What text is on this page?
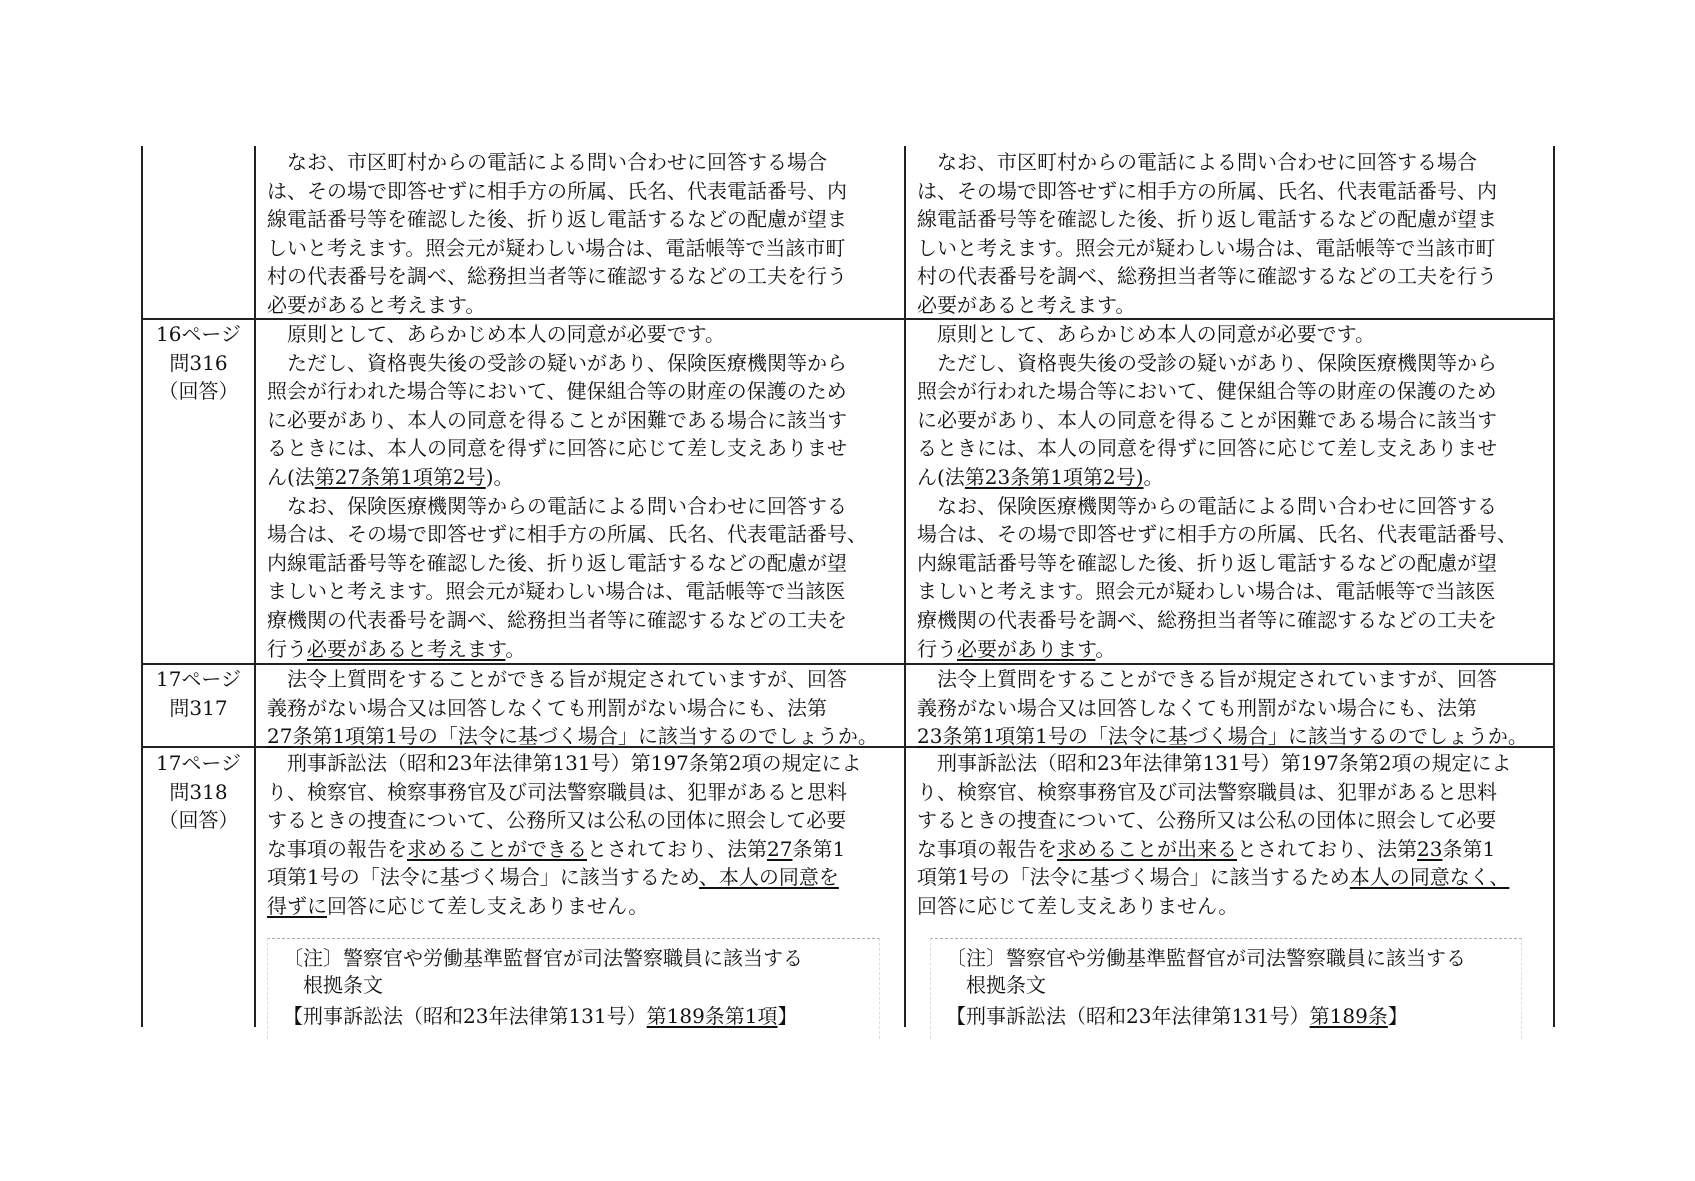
　なお、市区町村からの電話による問い合わせに回答する場合
は、その場で即答せずに相手方の所属、氏名、代表電話番号、内
線電話番号等を確認した後、折り返し電話するなどの配慮が望ま
しいと考えます。照会元が疑わしい場合は、電話帳等で当該市町
村の代表番号を調べ、総務担当者等に確認するなどの工夫を行う
必要があると考えます。
　なお、市区町村からの電話による問い合わせに回答する場合
は、その場で即答せずに相手方の所属、氏名、代表電話番号、内
線電話番号等を確認した後、折り返し電話するなどの配慮が望ま
しいと考えます。照会元が疑わしい場合は、電話帳等で当該市町
村の代表番号を調べ、総務担当者等に確認するなどの工夫を行う
必要があると考えます。
16ページ
問316
（回答）
　原則として、あらかじめ本人の同意が必要です。
　ただし、資格喪失後の受診の疑いがあり、保険医療機関等から
照会が行われた場合等において、健保組合等の財産の保護のため
に必要があり、本人の同意を得ることが困難である場合に該当す
るときには、本人の同意を得ずに回答に応じて差し支えありませ
ん(法第27条第1項第2号)。
　なお、保険医療機関等からの電話による問い合わせに回答する
場合は、その場で即答せずに相手方の所属、氏名、代表電話番号、
内線電話番号等を確認した後、折り返し電話するなどの配慮が望
ましいと考えます。照会元が疑わしい場合は、電話帳等で当該医
療機関の代表番号を調べ、総務担当者等に確認するなどの工夫を
行う必要があると考えます。
　原則として、あらかじめ本人の同意が必要です。
　ただし、資格喪失後の受診の疑いがあり、保険医療機関等から
照会が行われた場合等において、健保組合等の財産の保護のため
に必要があり、本人の同意を得ることが困難である場合に該当す
るときには、本人の同意を得ずに回答に応じて差し支えありませ
ん(法第23条第1項第2号)。
　なお、保険医療機関等からの電話による問い合わせに回答する
場合は、その場で即答せずに相手方の所属、氏名、代表電話番号、
内線電話番号等を確認した後、折り返し電話するなどの配慮が望
ましいと考えます。照会元が疑わしい場合は、電話帳等で当該医
療機関の代表番号を調べ、総務担当者等に確認するなどの工夫を
行う必要があります。
17ページ
問317
　法令上質問をすることができる旨が規定されていますが、回答
義務がない場合又は回答しなくても刑罰がない場合にも、法第
27条第1項第1号の「法令に基づく場合」に該当するのでしょうか。
　法令上質問をすることができる旨が規定されていますが、回答
義務がない場合又は回答しなくても刑罰がない場合にも、法第
23条第1項第1号の「法令に基づく場合」に該当するのでしょうか。
17ページ
問318
（回答）
　刑事訴訟法（昭和23年法律第131号）第197条第2項の規定によ
り、検察官、検察事務官及び司法警察職員は、犯罪があると思料
するときの捜査について、公務所又は公私の団体に照会して必要
な事項の報告を求めることができるとされており、法第27条第1
項第1号の「法令に基づく場合」に該当するため、本人の同意を
得ずに回答に応じて差し支えありません。
　刑事訴訟法（昭和23年法律第131号）第197条第2項の規定によ
り、検察官、検察事務官及び司法警察職員は、犯罪があると思料
するときの捜査について、公務所又は公私の団体に照会して必要
な事項の報告を求めることが出来るとされており、法第23条第1
項第1号の「法令に基づく場合」に該当するため本人の同意なく、
回答に応じて差し支えありません。
〔注〕警察官や労働基準監督官が司法警察職員に該当する
　根拠条文
【刑事訴訟法（昭和23年法律第131号）第189条第1項】
〔注〕警察官や労働基準監督官が司法警察職員に該当する
　根拠条文
【刑事訴訟法（昭和23年法律第131号）第189条】
